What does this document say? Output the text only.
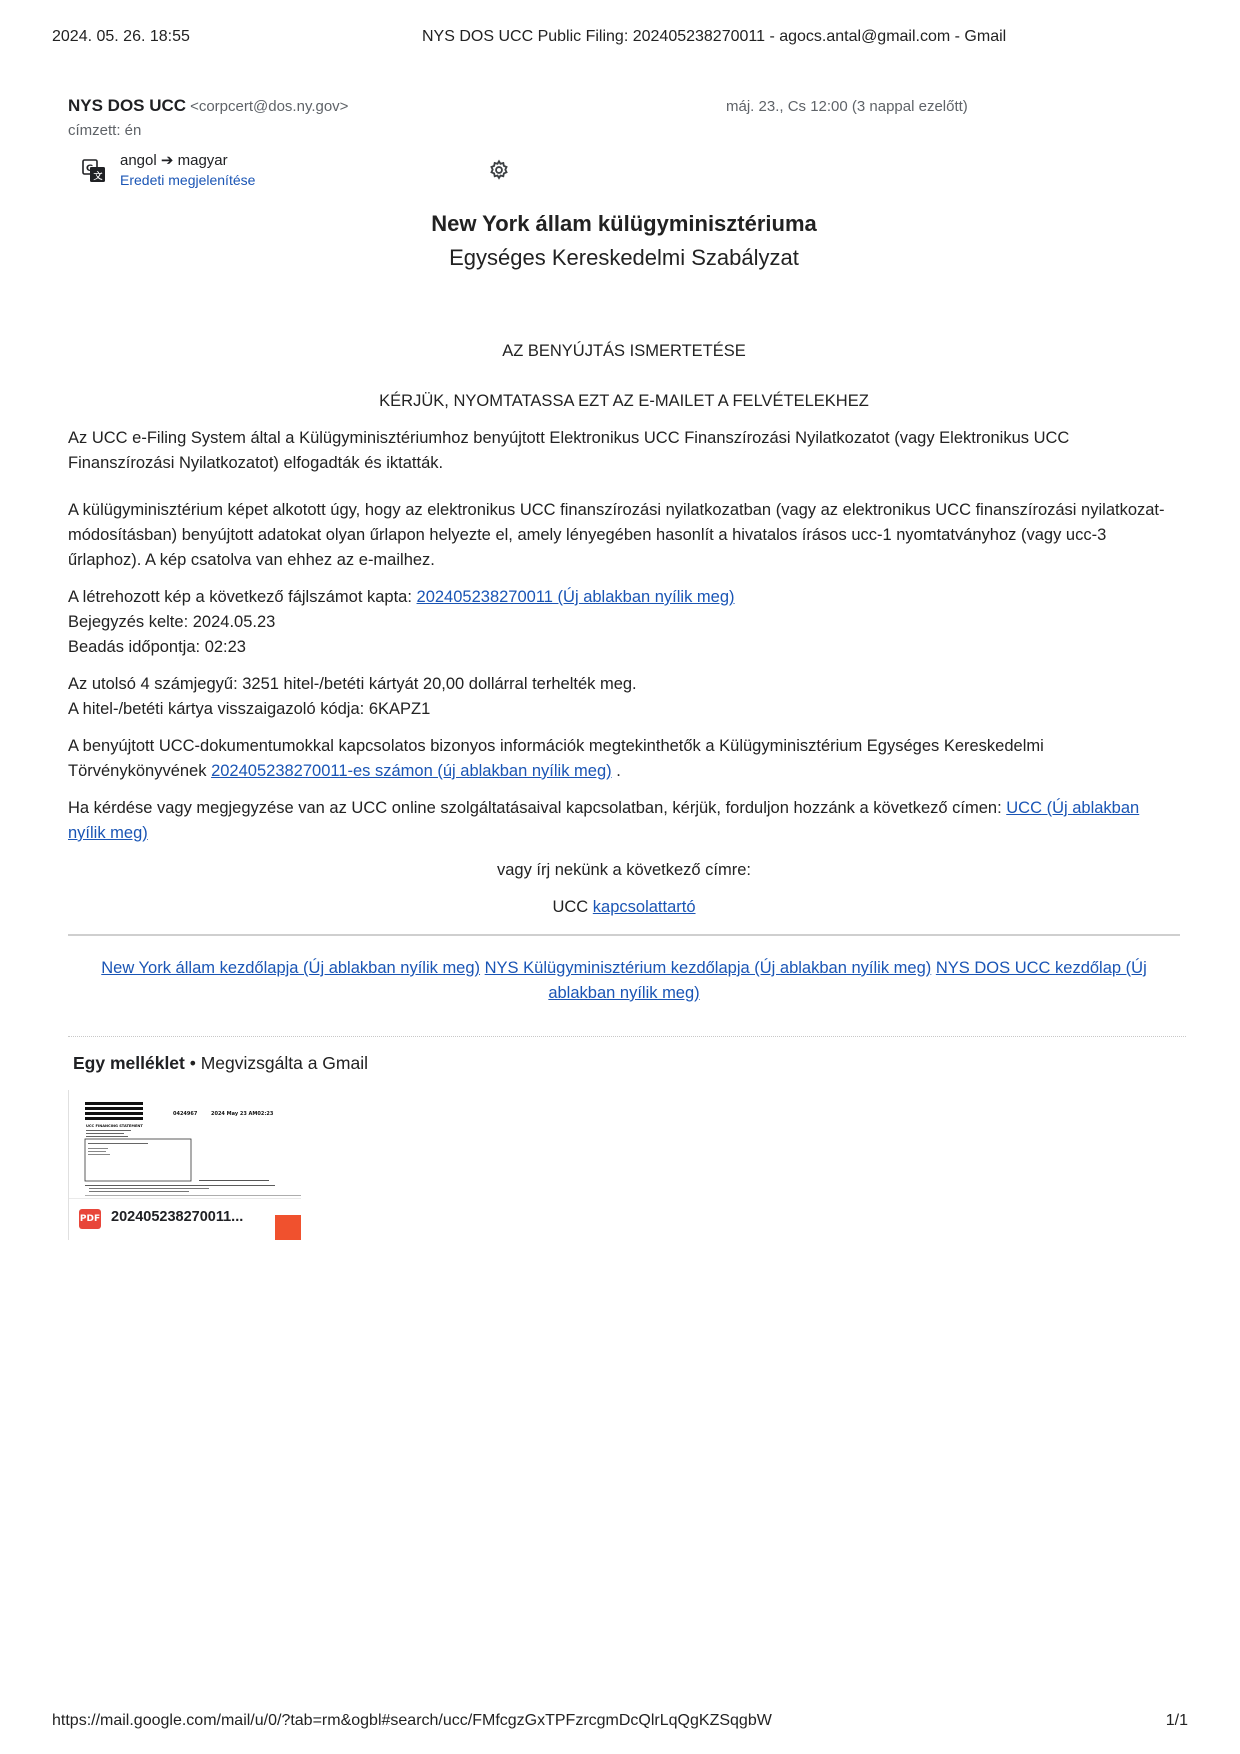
2024. 05. 26. 18:55	NYS DOS UCC Public Filing: 202405238270011 - agocs.antal@gmail.com - Gmail
NYS DOS UCC <corpcert@dos.ny.gov>	máj. 23., Cs 12:00 (3 nappal ezelőtt)
címzett: én
G
文
angol ➔ magyar
Eredeti megjelenítése
New York állam külügyminisztériuma
Egységes Kereskedelmi Szabályzat

AZ BENYÚJTÁS ISMERTETÉSE

KÉRJÜK, NYOMTATASSA EZT AZ E-MAILET A FELVÉTELEKHEZ

Az UCC e-Filing System által a Külügyminisztériumhoz benyújtott Elektronikus UCC Finanszírozási Nyilatkozatot (vagy Elektronikus UCC Finanszírozási Nyilatkozatot) elfogadták és iktatták.

A külügyminisztérium képet alkotott úgy, hogy az elektronikus UCC finanszírozási nyilatkozatban (vagy az elektronikus UCC finanszírozási nyilatkozat-módosításban) benyújtott adatokat olyan űrlapon helyezte el, amely lényegében hasonlít a hivatalos írásos ucc-1 nyomtatványhoz (vagy ucc-3 űrlaphoz). A kép csatolva van ehhez az e-mailhez.

A létrehozott kép a következő fájlszámot kapta: 202405238270011 (Új ablakban nyílik meg)

Bejegyzés kelte: 2024.05.23

Beadás időpontja: 02:23

Az utolsó 4 számjegyű: 3251 hitel-/betéti kártyát 20,00 dollárral terhelték meg.

A hitel-/betéti kártya visszaigazoló kódja: 6KAPZ1

A benyújtott UCC-dokumentumokkal kapcsolatos bizonyos információk megtekinthetők a Külügyminisztérium Egységes Kereskedelmi Törvénykönyvének 202405238270011-es számon (új ablakban nyílik meg) .

Ha kérdése vagy megjegyzése van az UCC online szolgáltatásaival kapcsolatban, kérjük, forduljon hozzánk a következő címen: UCC (Új ablakban nyílik meg)

vagy írj nekünk a következő címre:

UCC kapcsolattartó

New York állam kezdőlapja (Új ablakban nyílik meg) NYS Külügyminisztérium kezdőlapja (Új ablakban nyílik meg) NYS DOS UCC kezdőlap (Új ablakban nyílik meg)
Egy melléklet • Megvizsgálta a Gmail
0424967	2024 May 23 AM02:23
UCC FINANCING STATEMENT
PDF 202405238270011...
https://mail.google.com/mail/u/0/?tab=rm&ogbl#search/ucc/FMfcgzGxTPFzrcgmDcQlrLqQgKZSqgbW	1/1
